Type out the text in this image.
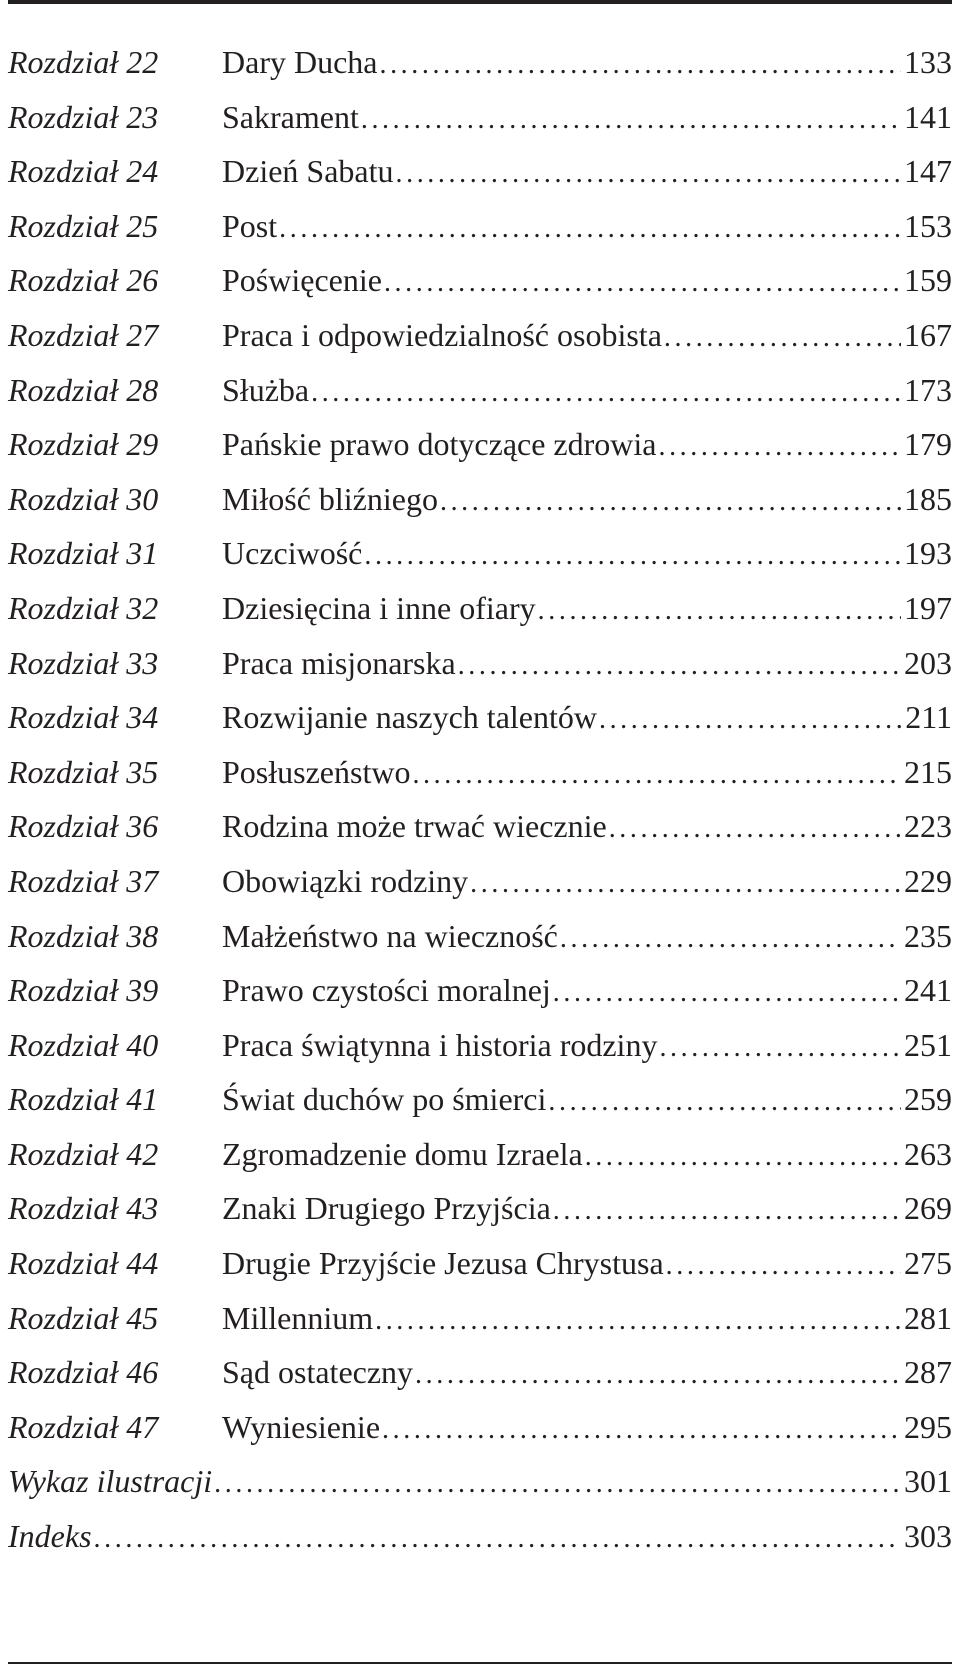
Rozdział 22	Dary Ducha .....	133
Rozdział 23	Sakrament .....	141
Rozdział 24	Dzień Sabatu .....	147
Rozdział 25	Post .....	153
Rozdział 26	Poświęcenie .....	159
Rozdział 27	Praca i odpowiedzialność osobista .....	167
Rozdział 28	Służba .....	173
Rozdział 29	Pańskie prawo dotyczące zdrowia .....	179
Rozdział 30	Miłość bliźniego .....	185
Rozdział 31	Uczciwość .....	193
Rozdział 32	Dziesięcina i inne ofiary .....	197
Rozdział 33	Praca misjonarska .....	203
Rozdział 34	Rozwijanie naszych talentów .....	211
Rozdział 35	Posłuszeństwo .....	215
Rozdział 36	Rodzina może trwać wiecznie .....	223
Rozdział 37	Obowiązki rodziny .....	229
Rozdział 38	Małżeństwo na wieczność .....	235
Rozdział 39	Prawo czystości moralnej .....	241
Rozdział 40	Praca świątynna i historia rodziny .....	251
Rozdział 41	Świat duchów po śmierci .....	259
Rozdział 42	Zgromadzenie domu Izraela .....	263
Rozdział 43	Znaki Drugiego Przyjścia .....	269
Rozdział 44	Drugie Przyjście Jezusa Chrystusa .....	275
Rozdział 45	Millennium .....	281
Rozdział 46	Sąd ostateczny .....	287
Rozdział 47	Wyniesienie .....	295
Wykaz ilustracji .....	301
Indeks .....	303
